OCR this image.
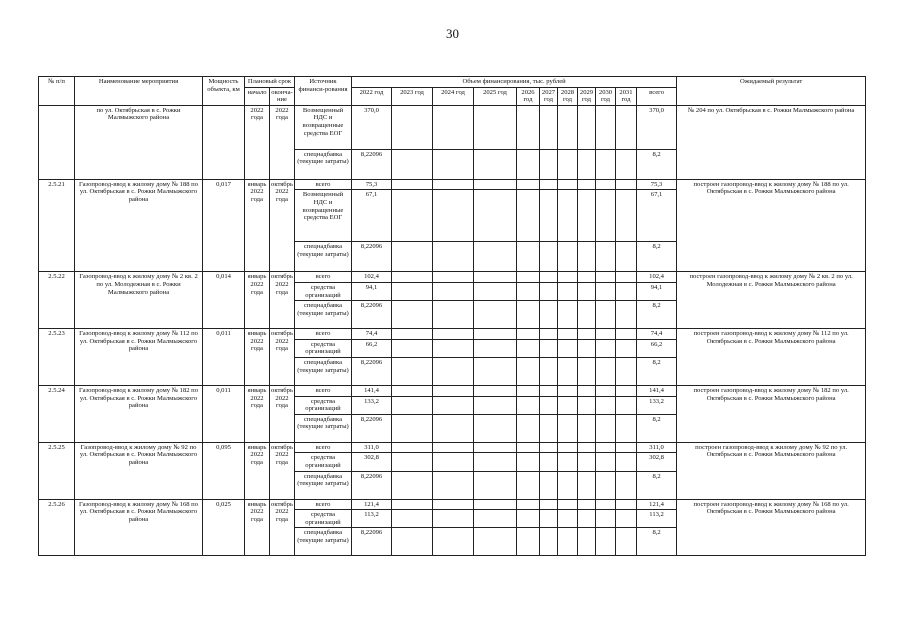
30
№ п/п	Наименование мероприятия	Мощность объекта, км	Плановый срок		Источник финанси-рования	Объем финансирования, тыс. рублей											Ожидаемый результат
			начало	оконча-ние		2022 год	2023 год	2024 год	2025 год	2026 год	2027 год	2028 год	2029 год	2030 год	2031 год	всего	
	по ул. Октябрьская в с. Рожки Малмыжского района		2022 года	2022 года	Возмещенный НДС и возвращенные средства ЕОГ	370,0										370,0	№ 204 по ул. Октябрьская в с. Рожки Малмыжского района
					спецнадбавка (текущие затраты)	8,22096										8,2	
2.5.21	Газопровод-ввод к жилому дому № 188 по ул. Октябрьская в с. Рожки Малмыжского района	0,017	январь 2022 года	октябрь 2022 года	всего	75,3										75,3	построен газопровод-ввод к жилому дому № 188 по ул. Октябрьская в с. Рожки Малмыжского района
					Возмещенный НДС и возвращенные средства ЕОГ	67,1										67,1	
					спецнадбавка (текущие затраты)	8,22096										8,2	
2.5.22	Газопровод-ввод к жилому дому № 2 кв. 2 по ул. Молодежная в с. Рожки Малмыжского района	0,014	январь 2022 года	октябрь 2022 года	всего	102,4										102,4	построен газопровод-ввод к жилому дому № 2 кв. 2 по ул. Молодежная в с. Рожки Малмыжского района
					средства организаций	94,1										94,1	
					спецнадбавка (текущие затраты)	8,22096										8,2	
2.5.23	Газопровод-ввод к жилому дому № 112 по ул. Октябрьская в с. Рожки Малмыжского района	0,011	январь 2022 года	октябрь 2022 года	всего	74,4										74,4	построен газопровод-ввод к жилому дому № 112 по ул. Октябрьская в с. Рожки Малмыжского района
					средства организаций	66,2										66,2	
					спецнадбавка (текущие затраты)	8,22096										8,2	
2.5.24	Газопровод-ввод к жилому дому № 182 по ул. Октябрьская в с. Рожки Малмыжского района	0,011	январь 2022 года	октябрь 2022 года	всего	141,4										141,4	построен газопровод-ввод к жилому дому № 182 по ул. Октябрьская в с. Рожки Малмыжского района
					средства организаций	133,2										133,2	
					спецнадбавка (текущие затраты)	8,22096										8,2	
2.5.25	Газопровод-ввод к жилому дому № 92 по ул. Октябрьская в с. Рожки Малмыжского района	0,095	январь 2022 года	октябрь 2022 года	всего	311,0										311,0	построен газопровод-ввод к жилому дому № 92 по ул. Октябрьская в с. Рожки Малмыжского района
					средства организаций	302,8										302,8	
					спецнадбавка (текущие затраты)	8,22096										8,2	
2.5.26	Газопровод-ввод к жилому дому № 168 по ул. Октябрьская в с. Рожки Малмыжского района	0,025	январь 2022 года	октябрь 2022 года	всего	121,4										121,4	построен газопровод-ввод к жилому дому № 168 по ул. Октябрьская в с. Рожки Малмыжского района
					средства организаций	113,2										113,2	
					спецнадбавка (текущие затраты)	8,22096										8,2	
